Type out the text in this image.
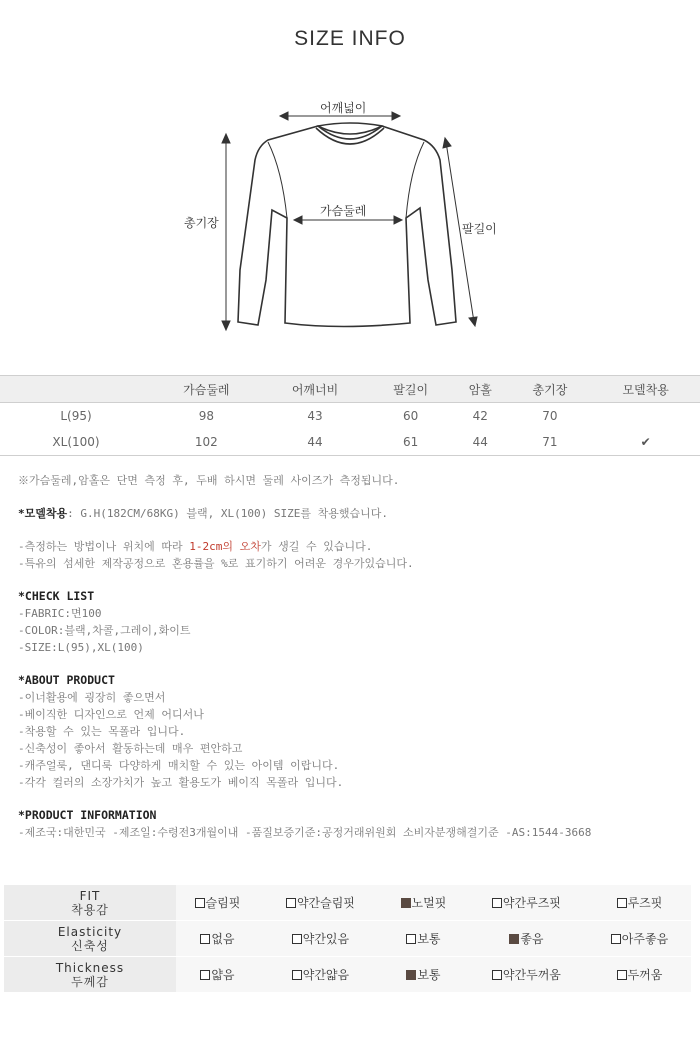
SIZE INFO
어깨넓이
가슴둘레
총기장	팔길이
	가슴둘레	어깨너비	팔길이	암홀	총기장	모델착용
L(95)	98	43	60	42	70	
XL(100)	102	44	61	44	71	✔

※가슴둘레,암홀은 단면 측정 후, 두배 하시면 둘레 사이즈가 측정됩니다.

*모델착용: G.H(182CM/68KG) 블랙, XL(100) SIZE를 착용했습니다.

-측정하는 방법이나 위치에 따라 1-2cm의 오차가 생길 수 있습니다.

-특유의 섬세한 제작공정으로 혼용률을 %로 표기하기 어려운 경우가있습니다.

*CHECK LIST

-FABRIC:면100

-COLOR:블랙,차콜,그레이,화이트

-SIZE:L(95),XL(100)

*ABOUT PRODUCT

-이너활용에 굉장히 좋으면서

-베이직한 디자인으로 언제 어디서나

-착용할 수 있는 목폴라 입니다.

-신축성이 좋아서 활동하는데 매우 편안하고

-캐주얼룩, 댄디룩 다양하게 매치할 수 있는 아이템 이랍니다.

-각각 컬러의 소장가치가 높고 활용도가 베이직 목폴라 입니다.

*PRODUCT INFORMATION

-제조국:대한민국 -제조일:수령전3개월이내 -품질보증기준:공정거래위원회 소비자분쟁해결기준 -AS:1544-3668

FIT
착용감	슬림핏	약간슬림핏	노멀핏	약간루즈핏	루즈핏

Elasticity
신축성	없음	약간있음	보통	좋음	아주좋음

Thickness
두께감	얇음	약간얇음	보통	약간두꺼움	두꺼움
